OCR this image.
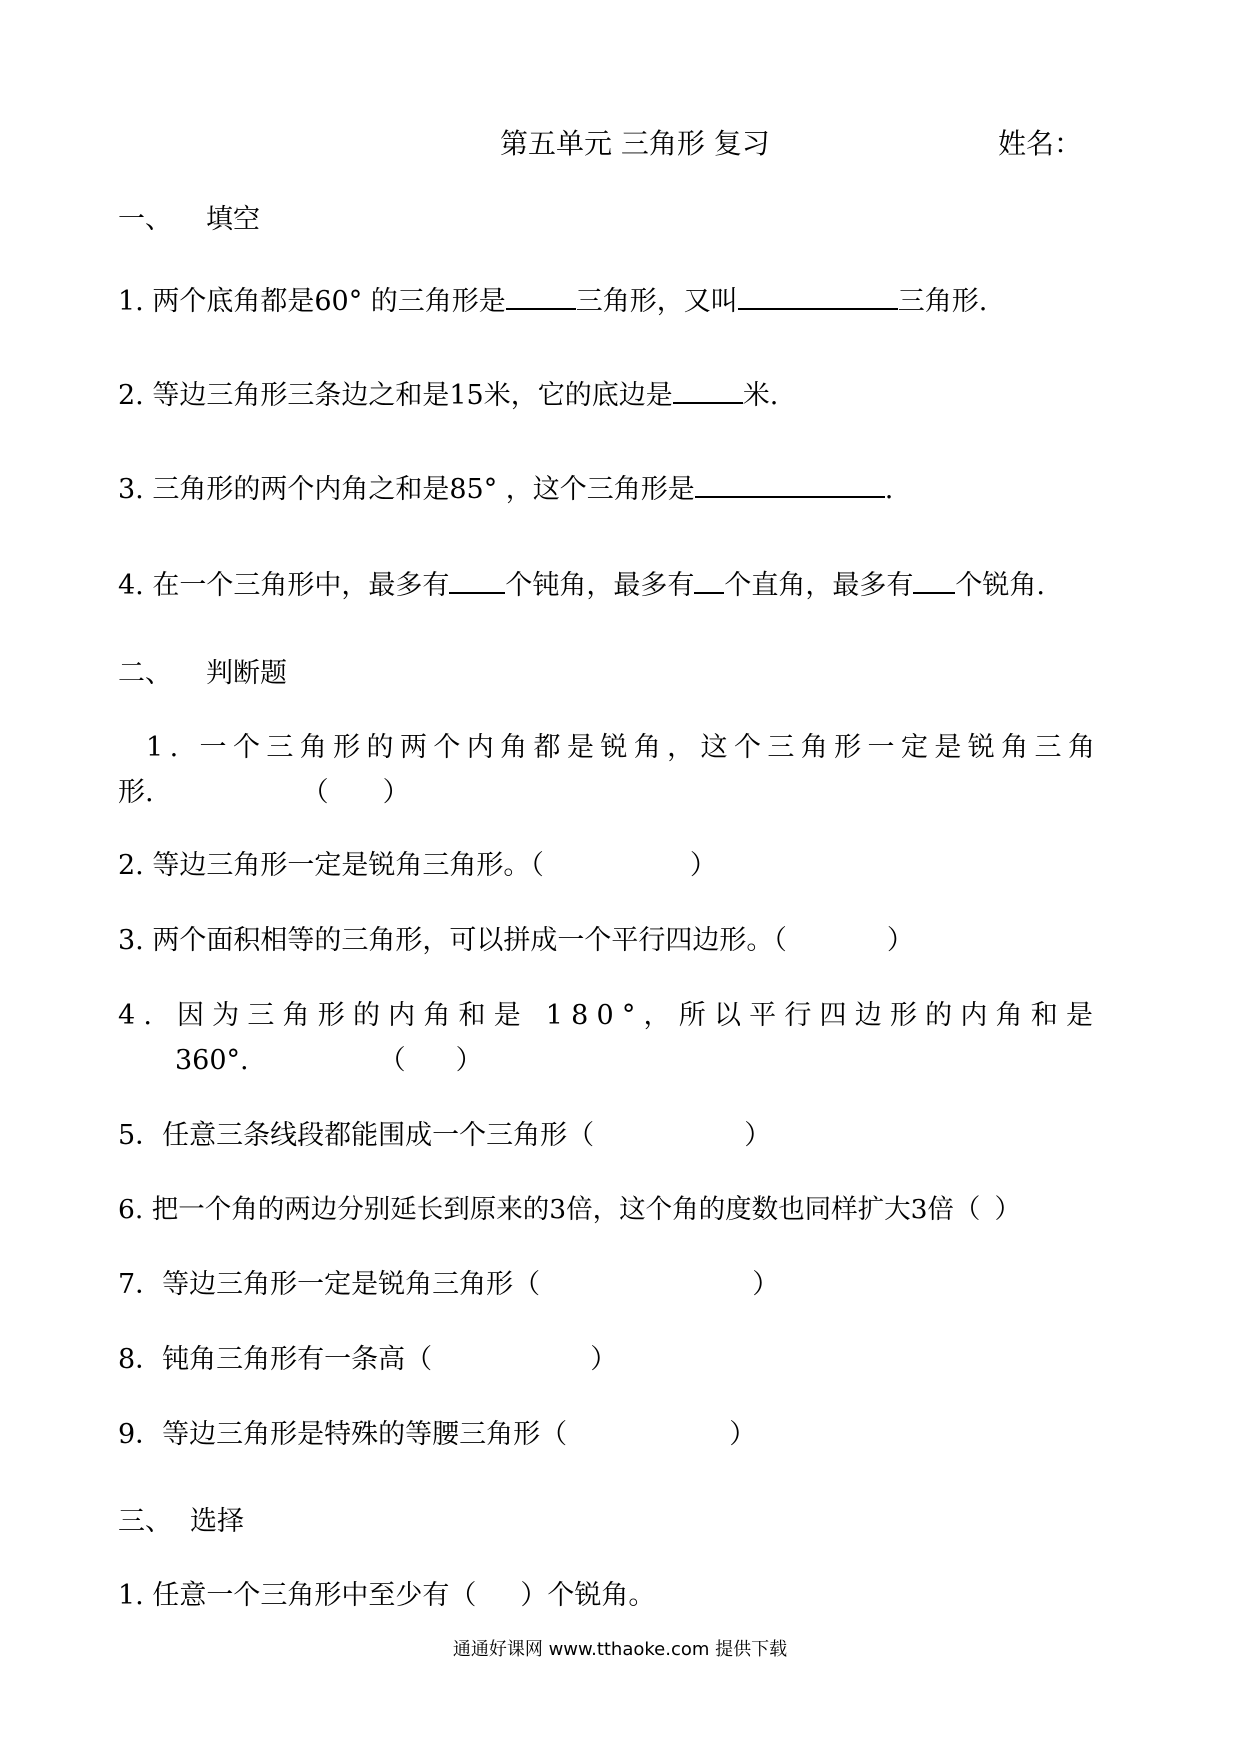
第五单元 三角形 复习	姓名：
一、 填空
1. 两个底角都是60° 的三角形是	三角形，又叫	三角形.
2. 等边三角形三条边之和是15米，它的底边是	米.
3. 三角形的两个内角之和是85° ，这个三角形是	.
4. 在一个三角形中，最多有 个钝角，最多有 个直角，最多有 个锐角.
二、 判断题
1. 一个三角形的两个内角都是锐角，这个三角形一定是锐角三角
形.	（ ）
2. 等边三角形一定是锐角三角形。（	）
3. 两个面积相等的三角形，可以拼成一个平行四边形。（	）
4. 因为三角形的内角和是 180°，所以平行四边形的内角和是
360°.	（ ）
5．任意三条线段都能围成一个三角形（	）
6. 把一个角的两边分别延长到原来的3倍，这个角的度数也同样扩大3倍（ ）
7．等边三角形一定是锐角三角形（	）
8．钝角三角形有一条高（	）
9．等边三角形是特殊的等腰三角形（	）
三、 选择
1. 任意一个三角形中至少有（ ）个锐角。
通通好课网 www.tthaoke.com 提供下载
